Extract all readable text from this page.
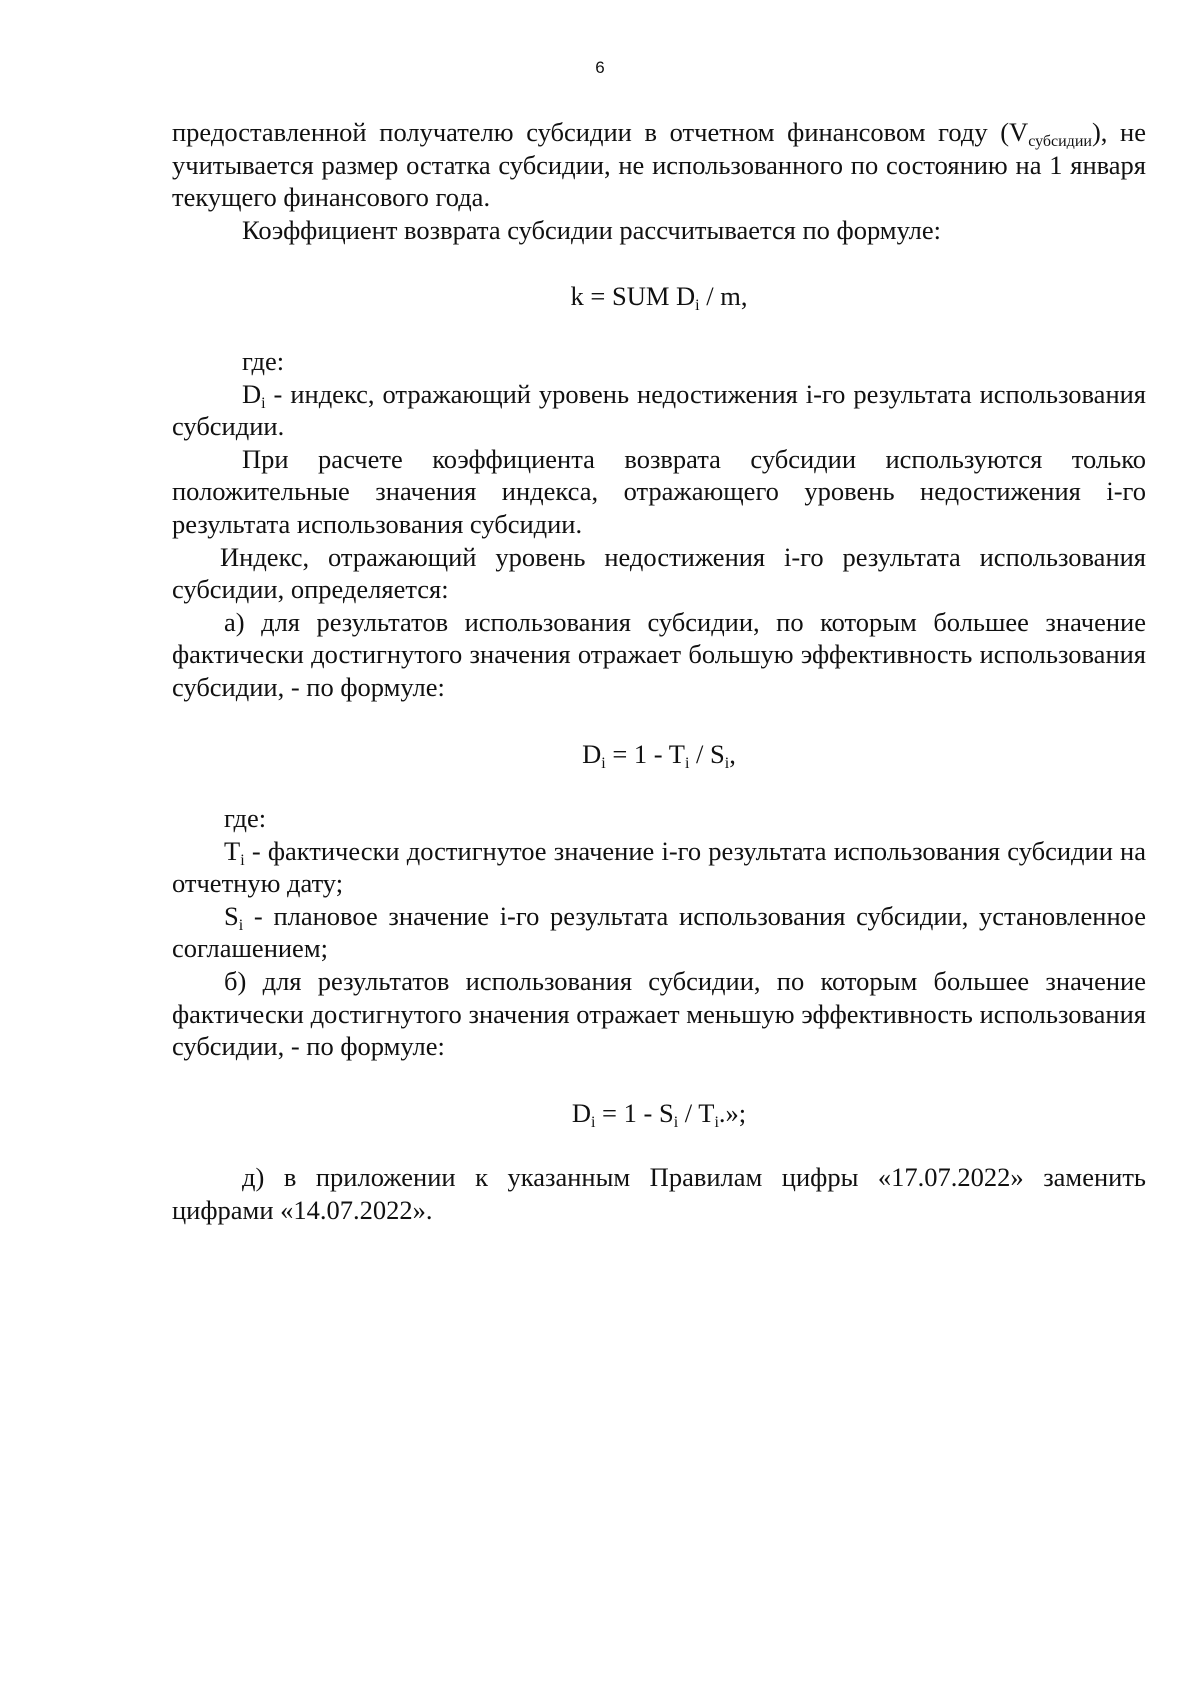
6

предоставленной получателю субсидии в отчетном финансовом году $(V_{субсидии})$, не учитывается размер остатка субсидии, не использованного по состоянию на 1 января текущего финансового года.

Коэффициент возврата субсидии рассчитывается по формуле:

k = SUM $D_i$ / m,

где:

$D_i$ - индекс, отражающий уровень недостижения i-го результата использования субсидии.

При расчете коэффициента возврата субсидии используются только положительные значения индекса, отражающего уровень недостижения i-го результата использования субсидии.

Индекс, отражающий уровень недостижения i-го результата использования субсидии, определяется:

а) для результатов использования субсидии, по которым большее значение фактически достигнутого значения отражает большую эффективность использования субсидии, - по формуле:

$D_i = 1 - T_i / S_i$,

где:

$T_i$ - фактически достигнутое значение i-го результата использования субсидии на отчетную дату;

$S_i$ - плановое значение i-го результата использования субсидии, установленное соглашением;

б) для результатов использования субсидии, по которым большее значение фактически достигнутого значения отражает меньшую эффективность использования субсидии, - по формуле:

$D_i = 1 - S_i / T_i$.»;

д) в приложении к указанным Правилам цифры «17.07.2022» заменить цифрами «14.07.2022».
